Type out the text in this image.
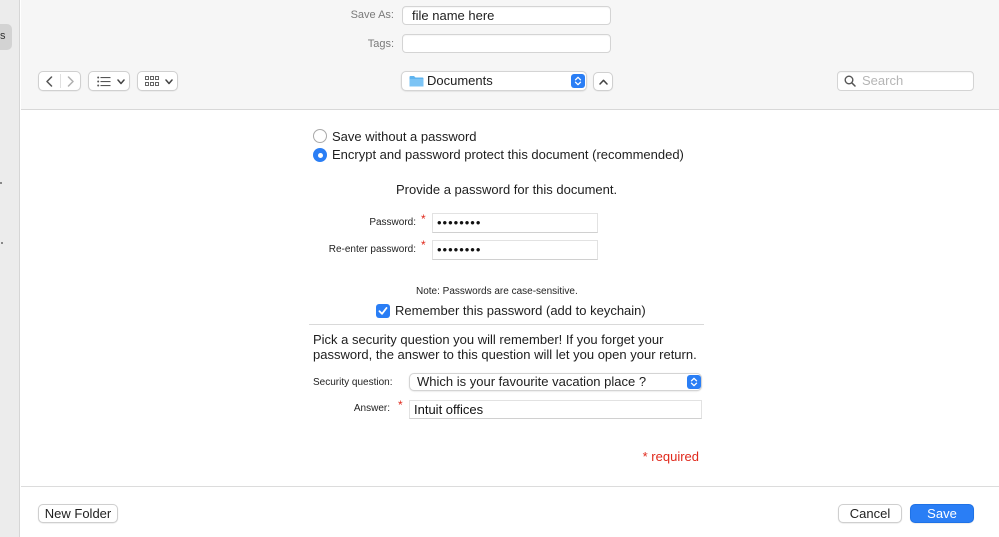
s
Save As:	file name here
Tags:
Documents	Search
Save without a password
Encrypt and password protect this document (recommended)
Provide a password for this document.
Password: * ••••••••
Re-enter password: * ••••••••
Note: Passwords are case-sensitive.
Remember this password (add to keychain)
Pick a security question you will remember! If you forget your
password, the answer to this question will let you open your return.
Security question: Which is your favourite vacation place ?
Answer: * Intuit offices
* required
New Folder	Cancel	Save
